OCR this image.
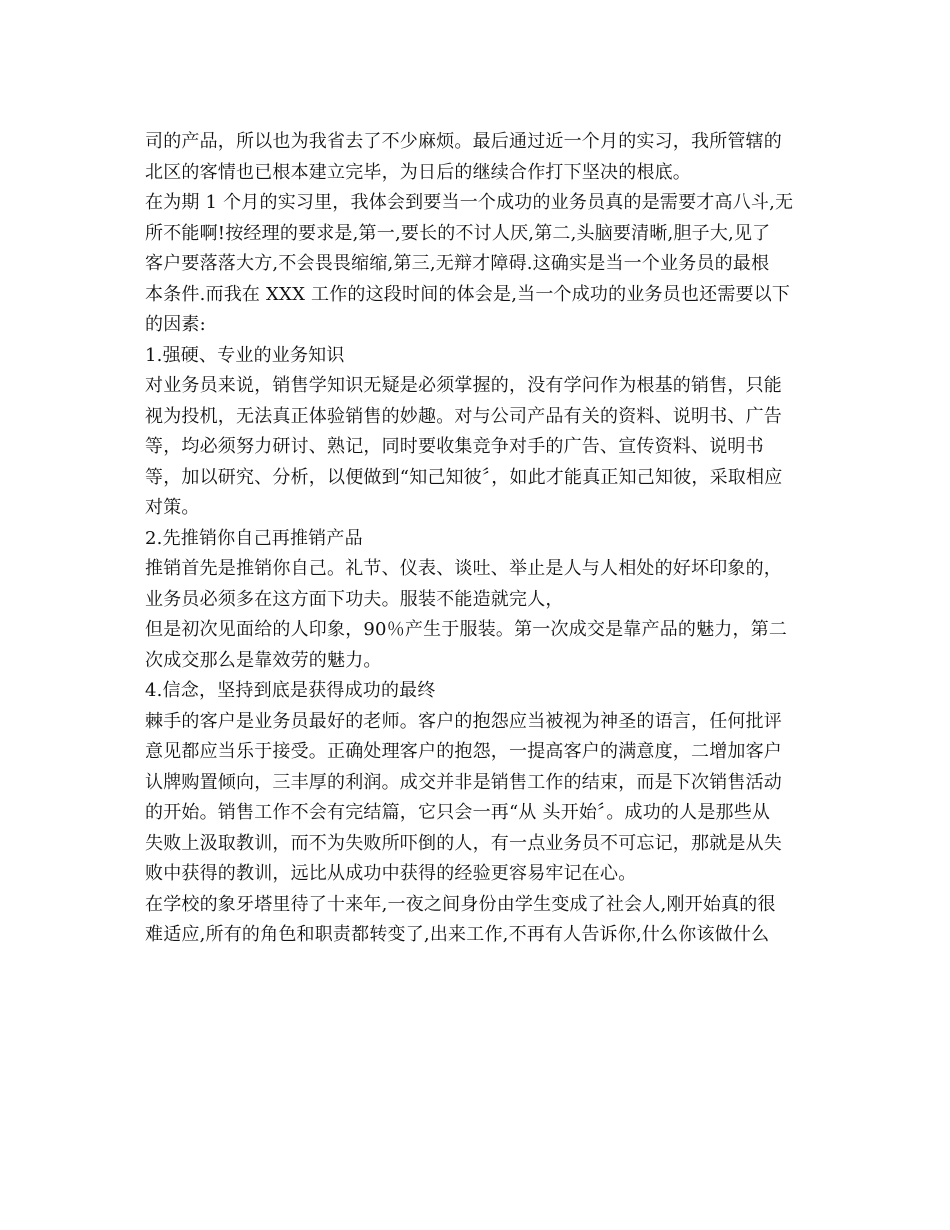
司的产品，所以也为我省去了不少麻烦。最后通过近一个月的实习，我所管辖的
北区的客情也已根本建立完毕，为日后的继续合作打下坚决的根底。
在为期 1 个月的实习里，我体会到要当一个成功的业务员真的是需要才高八斗,无
所不能啊!按经理的要求是,第一,要长的不讨人厌,第二,头脑要清晰,胆子大,见了
客户要落落大方,不会畏畏缩缩,第三,无辩才障碍.这确实是当一个业务员的最根
本条件.而我在 XXX 工作的这段时间的体会是,当一个成功的业务员也还需要以下
的因素:
1.强硬、专业的业务知识
对业务员来说，销售学知识无疑是必须掌握的，没有学问作为根基的销售，只能
视为投机，无法真正体验销售的妙趣。对与公司产品有关的资料、说明书、广告
等，均必须努力研讨、熟记，同时要收集竞争对手的广告、宣传资料、说明书
等，加以研究、分析，以便做到“知己知彼〞，如此才能真正知己知彼，采取相应
对策。
2.先推销你自己再推销产品
推销首先是推销你自己。礼节、仪表、谈吐、举止是人与人相处的好坏印象的，
业务员必须多在这方面下功夫。服装不能造就完人，
但是初次见面给的人印象，90％产生于服装。第一次成交是靠产品的魅力，第二
次成交那么是靠效劳的魅力。
4.信念，坚持到底是获得成功的最终
棘手的客户是业务员最好的老师。客户的抱怨应当被视为神圣的语言，任何批评
意见都应当乐于接受。正确处理客户的抱怨，一提高客户的满意度，二增加客户
认牌购置倾向，三丰厚的利润。成交并非是销售工作的结束，而是下次销售活动
的开始。销售工作不会有完结篇，它只会一再“从 头开始〞。成功的人是那些从
失败上汲取教训，而不为失败所吓倒的人，有一点业务员不可忘记，那就是从失
败中获得的教训，远比从成功中获得的经验更容易牢记在心。
在学校的象牙塔里待了十来年,一夜之间身份由学生变成了社会人,刚开始真的很
难适应,所有的角色和职责都转变了,出来工作,不再有人告诉你,什么你该做什么
